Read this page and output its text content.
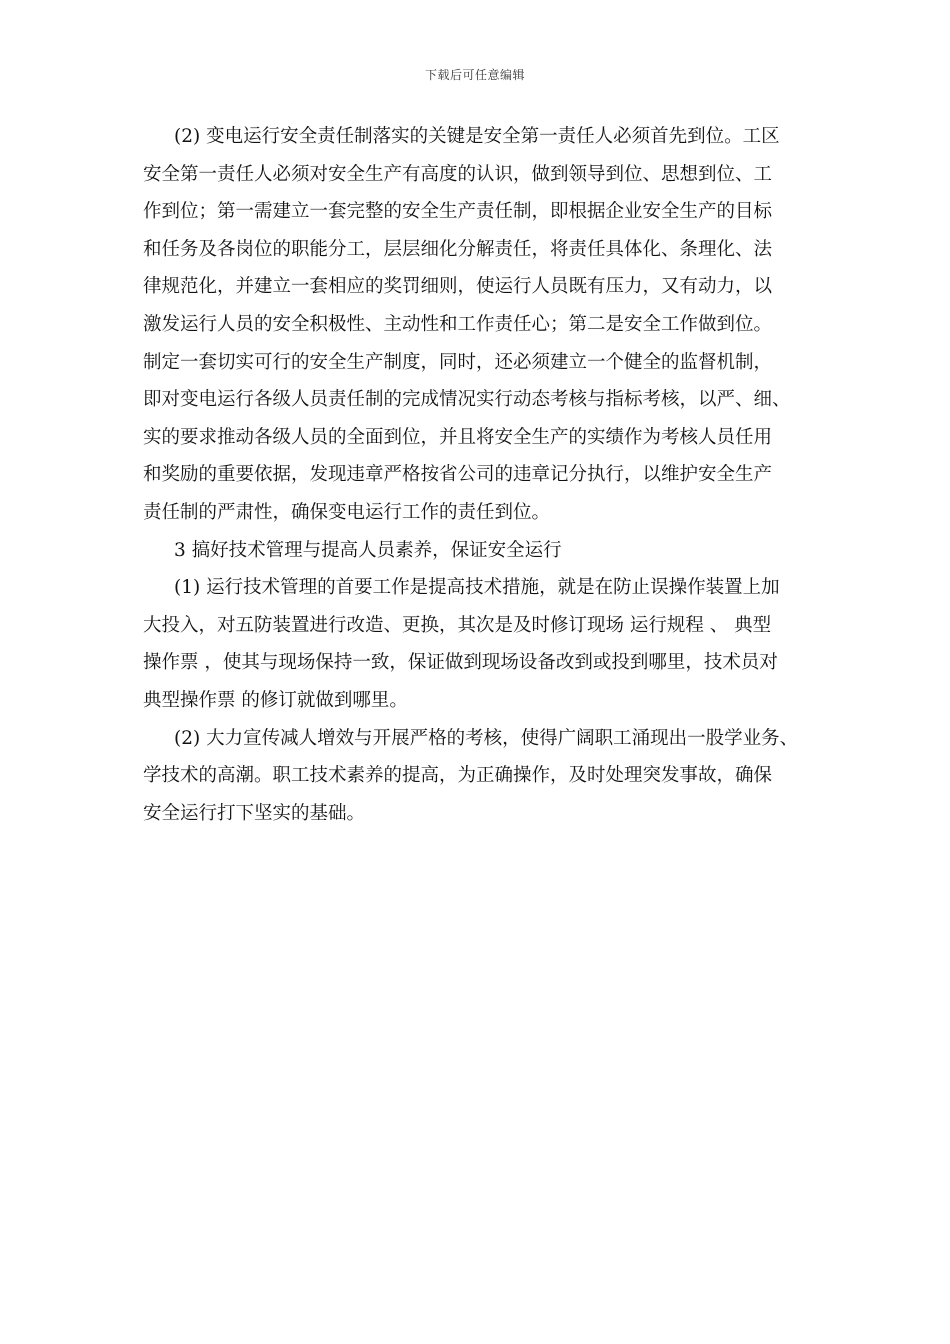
下载后可任意编辑
(2) 变电运行安全责任制落实的关键是安全第一责任人必须首先到位。工区
安全第一责任人必须对安全生产有高度的认识，做到领导到位、思想到位、工
作到位；第一需建立一套完整的安全生产责任制，即根据企业安全生产的目标
和任务及各岗位的职能分工，层层细化分解责任，将责任具体化、条理化、法
律规范化，并建立一套相应的奖罚细则，使运行人员既有压力，又有动力，以
激发运行人员的安全积极性、主动性和工作责任心；第二是安全工作做到位。
制定一套切实可行的安全生产制度，同时，还必须建立一个健全的监督机制，
即对变电运行各级人员责任制的完成情况实行动态考核与指标考核，以严、细、
实的要求推动各级人员的全面到位，并且将安全生产的实绩作为考核人员任用
和奖励的重要依据，发现违章严格按省公司的违章记分执行，以维护安全生产
责任制的严肃性，确保变电运行工作的责任到位。
3 搞好技术管理与提高人员素养，保证安全运行
(1) 运行技术管理的首要工作是提高技术措施，就是在防止误操作装置上加
大投入，对五防装置进行改造、更换，其次是及时修订现场 运行规程 、 典型
操作票 ，使其与现场保持一致，保证做到现场设备改到或投到哪里，技术员对
典型操作票 的修订就做到哪里。
(2) 大力宣传减人增效与开展严格的考核，使得广阔职工涌现出一股学业务、
学技术的高潮。职工技术素养的提高，为正确操作，及时处理突发事故，确保
安全运行打下坚实的基础。
